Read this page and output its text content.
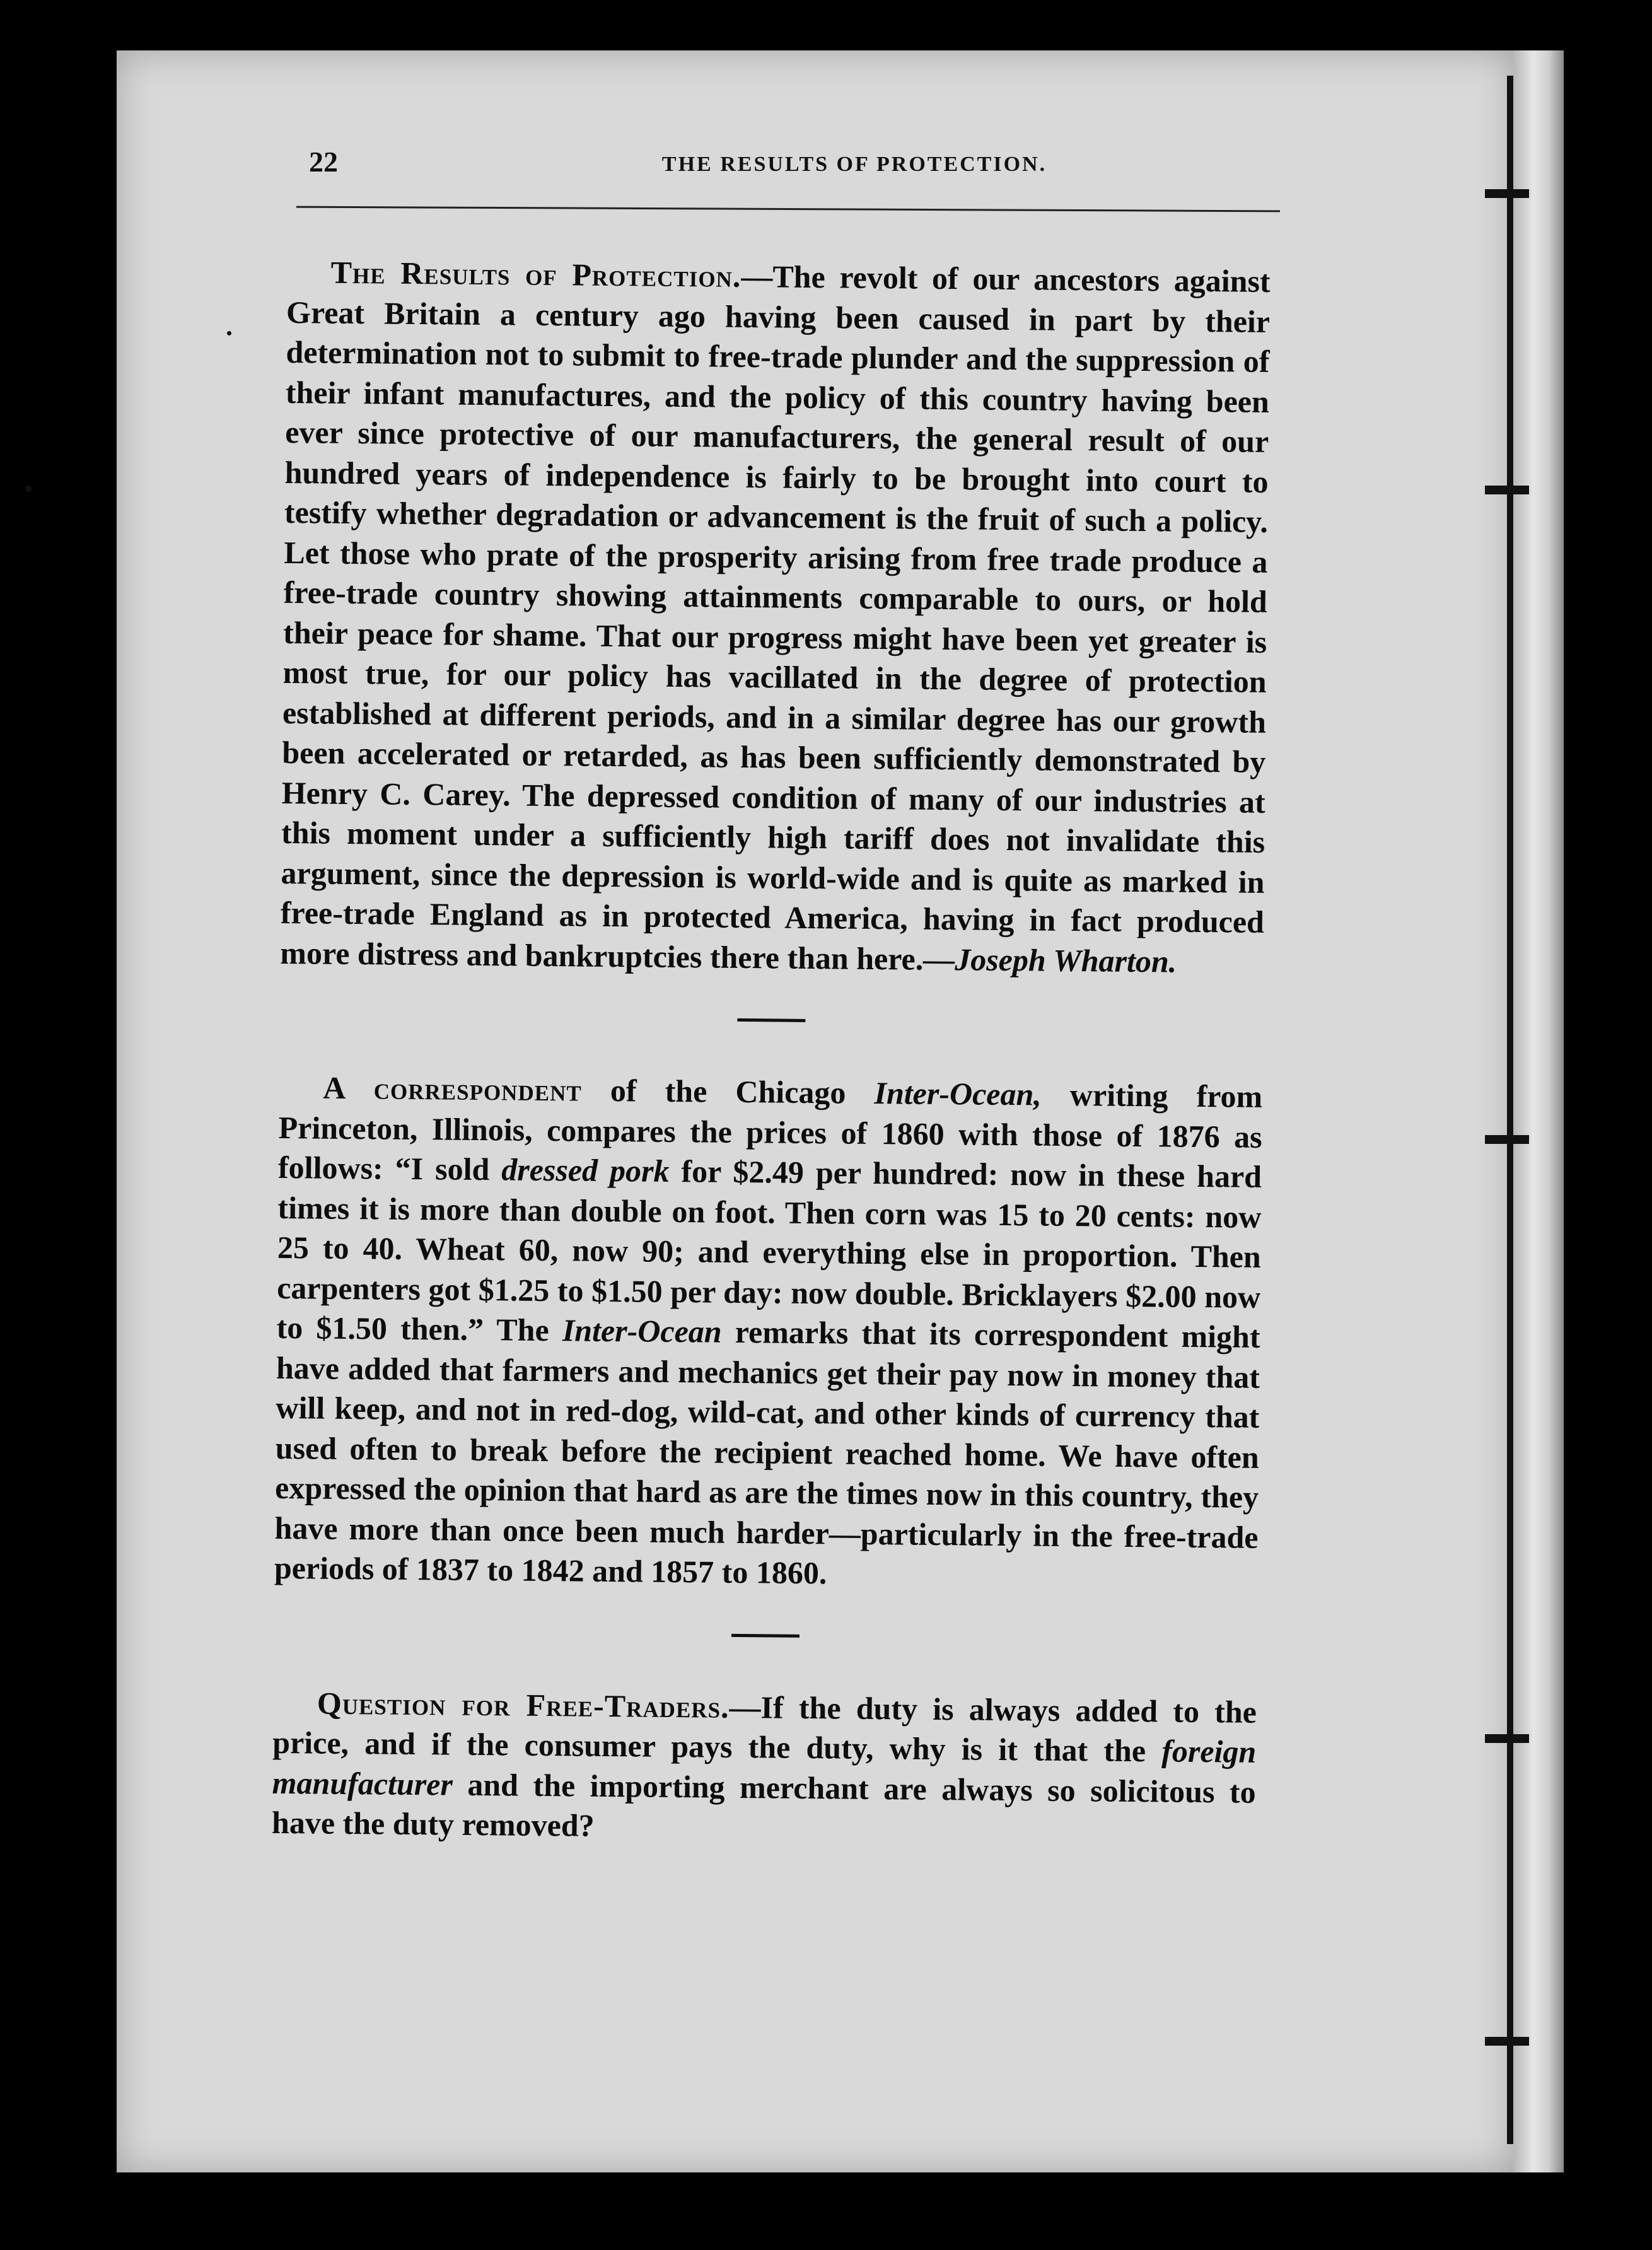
22	THE RESULTS OF PROTECTION.

The Results of Protection.—The revolt of our ancestors against Great Britain a century ago having been caused in part by their determination not to submit to free-trade plunder and the suppression of their infant manufactures, and the policy of this country having been ever since protective of our manufacturers, the general result of our hundred years of independence is fairly to be brought into court to testify whether degradation or advancement is the fruit of such a policy. Let those who prate of the prosperity arising from free trade produce a free-trade country showing attainments comparable to ours, or hold their peace for shame. That our progress might have been yet greater is most true, for our policy has vacillated in the degree of protection established at different periods, and in a similar degree has our growth been accelerated or retarded, as has been sufficiently demonstrated by Henry C. Carey. The depressed condition of many of our industries at this moment under a sufficiently high tariff does not invalidate this argument, since the depression is world-wide and is quite as marked in free-trade England as in protected America, having in fact produced more distress and bankruptcies there than here.—Joseph Wharton.

A correspondent of the Chicago Inter-Ocean, writing from Princeton, Illinois, compares the prices of 1860 with those of 1876 as follows: “I sold dressed pork for $2.49 per hundred: now in these hard times it is more than double on foot. Then corn was 15 to 20 cents: now 25 to 40. Wheat 60, now 90; and everything else in proportion. Then carpenters got $1.25 to $1.50 per day: now double. Bricklayers $2.00 now to $1.50 then.” The Inter-Ocean remarks that its correspondent might have added that farmers and mechanics get their pay now in money that will keep, and not in red-dog, wild-cat, and other kinds of currency that used often to break before the recipient reached home. We have often expressed the opinion that hard as are the times now in this country, they have more than once been much harder—particularly in the free-trade periods of 1837 to 1842 and 1857 to 1860.

Question for Free-Traders.—If the duty is always added to the price, and if the consumer pays the duty, why is it that the foreign manufacturer and the importing merchant are always so solicitous to have the duty removed?
